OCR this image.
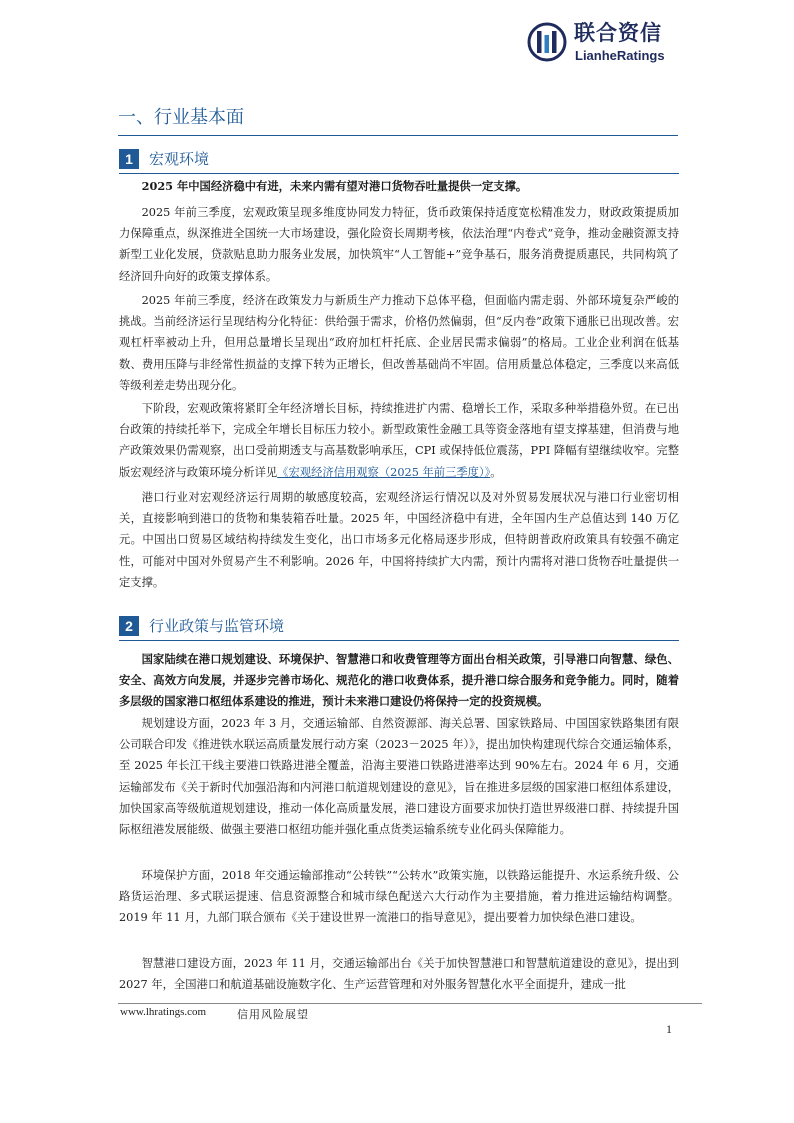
联合资信
LianheRatings
一、行业基本面
1	宏观环境

2025 年中国经济稳中有进，未来内需有望对港口货物吞吐量提供一定支撑。

2025 年前三季度，宏观政策呈现多维度协同发力特征，货币政策保持适度宽松精准发力，财政政策提质加力保障重点，纵深推进全国统一大市场建设，强化险资长周期考核，依法治理“内卷式”竞争，推动金融资源支持新型工业化发展，贷款贴息助力服务业发展，加快筑牢“人工智能+”竞争基石，服务消费提质惠民，共同构筑了经济回升向好的政策支撑体系。

2025 年前三季度，经济在政策发力与新质生产力推动下总体平稳，但面临内需走弱、外部环境复杂严峻的挑战。当前经济运行呈现结构分化特征：供给强于需求，价格仍然偏弱，但“反内卷”政策下通胀已出现改善。宏观杠杆率被动上升，但用总量增长呈现出“政府加杠杆托底、企业居民需求偏弱”的格局。工业企业利润在低基数、费用压降与非经常性损益的支撑下转为正增长，但改善基础尚不牢固。信用质量总体稳定，三季度以来高低等级利差走势出现分化。

下阶段，宏观政策将紧盯全年经济增长目标，持续推进扩内需、稳增长工作，采取多种举措稳外贸。在已出台政策的持续托举下，完成全年增长目标压力较小。新型政策性金融工具等资金落地有望支撑基建，但消费与地产政策效果仍需观察，出口受前期透支与高基数影响承压，CPI 或保持低位震荡，PPI 降幅有望继续收窄。完整版宏观经济与政策环境分析详见《宏观经济信用观察（2025 年前三季度）》。

港口行业对宏观经济运行周期的敏感度较高，宏观经济运行情况以及对外贸易发展状况与港口行业密切相关，直接影响到港口的货物和集装箱吞吐量。2025 年，中国经济稳中有进，全年国内生产总值达到 140 万亿元。中国出口贸易区域结构持续发生变化，出口市场多元化格局逐步形成，但特朗普政府政策具有较强不确定性，可能对中国对外贸易产生不利影响。2026 年，中国将持续扩大内需，预计内需将对港口货物吞吐量提供一定支撑。

2	行业政策与监管环境

国家陆续在港口规划建设、环境保护、智慧港口和收费管理等方面出台相关政策，引导港口向智慧、绿色、安全、高效方向发展，并逐步完善市场化、规范化的港口收费体系，提升港口综合服务和竞争能力。同时，随着多层级的国家港口枢纽体系建设的推进，预计未来港口建设仍将保持一定的投资规模。

规划建设方面，2023 年 3 月，交通运输部、自然资源部、海关总署、国家铁路局、中国国家铁路集团有限公司联合印发《推进铁水联运高质量发展行动方案（2023－2025 年）》，提出加快构建现代综合交通运输体系，至 2025 年长江干线主要港口铁路进港全覆盖，沿海主要港口铁路进港率达到 90%左右。2024 年 6 月，交通运输部发布《关于新时代加强沿海和内河港口航道规划建设的意见》，旨在推进多层级的国家港口枢纽体系建设，加快国家高等级航道规划建设，推动一体化高质量发展，港口建设方面要求加快打造世界级港口群、持续提升国际枢纽港发展能级、做强主要港口枢纽功能并强化重点货类运输系统专业化码头保障能力。

环境保护方面，2018 年交通运输部推动“公转铁”“公转水”政策实施，以铁路运能提升、水运系统升级、公路货运治理、多式联运提速、信息资源整合和城市绿色配送六大行动作为主要措施，着力推进运输结构调整。2019 年 11 月，九部门联合颁布《关于建设世界一流港口的指导意见》，提出要着力加快绿色港口建设。

智慧港口建设方面，2023 年 11 月，交通运输部出台《关于加快智慧港口和智慧航道建设的意见》，提出到 2027 年，全国港口和航道基础设施数字化、生产运营管理和对外服务智慧化水平全面提升，建成一批

www.lhratings.com	信用风险展望
1
